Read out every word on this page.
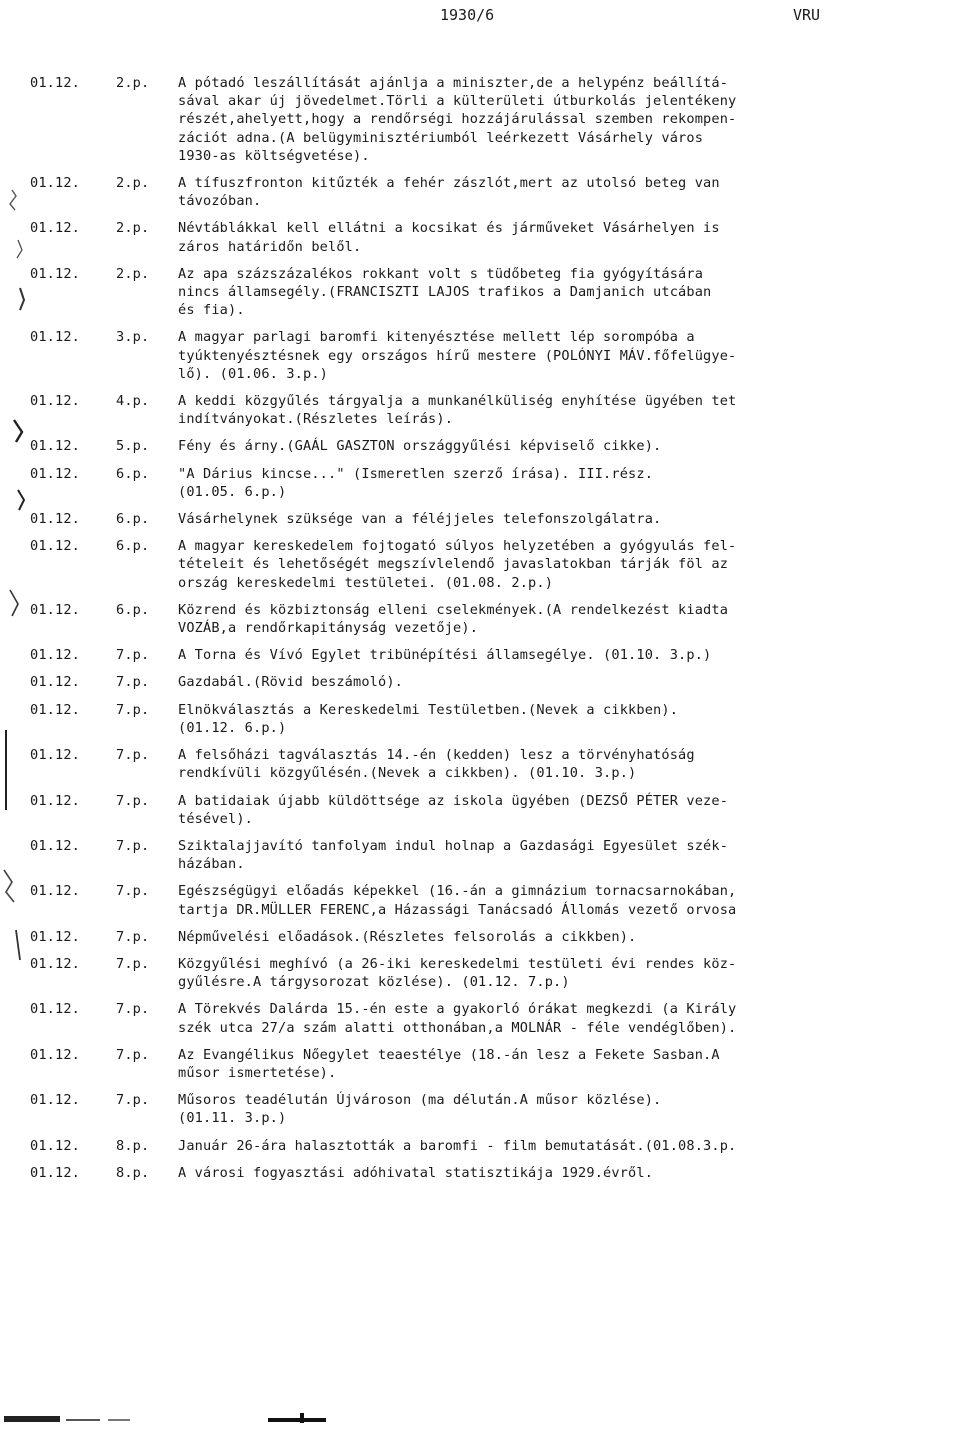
1930/6	VRU
01.12.	2.p.	A pótadó leszállítását ajánlja a miniszter,de a helypénz beállítá-
sával akar új jövedelmet.Törli a külterületi útburkolás jelentékeny
részét,ahelyett,hogy a rendőrségi hozzájárulással szemben rekompen-
zációt adna.(A belügyminisztériumból leérkezett Vásárhely város
1930-as költségvetése).
01.12.	2.p.	A tífuszfronton kitűzték a fehér zászlót,mert az utolsó beteg van
távozóban.
01.12.	2.p.	Névtáblákkal kell ellátni a kocsikat és járműveket Vásárhelyen is
záros határidőn belől.
01.12.	2.p.	Az apa százszázalékos rokkant volt s tüdőbeteg fia gyógyítására
nincs államsegély.(FRANCISZTI LAJOS trafikos a Damjanich utcában
és fia).
01.12.	3.p.	A magyar parlagi baromfi kitenyésztése mellett lép sorompóba a
tyúktenyésztésnek egy országos hírű mestere (POLÓNYI MÁV.főfelügye-
lő). (01.06. 3.p.)
01.12.	4.p.	A keddi közgyűlés tárgyalja a munkanélküliség enyhítése ügyében tet
indítványokat.(Részletes leírás).
01.12.	5.p.	Fény és árny.(GAÁL GASZTON országgyűlési képviselő cikke).
01.12.	6.p.	"A Dárius kincse..." (Ismeretlen szerző írása). III.rész.
(01.05. 6.p.)
01.12.	6.p.	Vásárhelynek szüksége van a féléjjeles telefonszolgálatra.
01.12.	6.p.	A magyar kereskedelem fojtogató súlyos helyzetében a gyógyulás fel-
tételeit és lehetőségét megszívlelendő javaslatokban tárják föl az
ország kereskedelmi testületei. (01.08. 2.p.)
01.12.	6.p.	Közrend és közbiztonság elleni cselekmények.(A rendelkezést kiadta
VOZÁB,a rendőrkapitányság vezetője).
01.12.	7.p.	A Torna és Vívó Egylet tribünépítési államsegélye. (01.10. 3.p.)
01.12.	7.p.	Gazdabál.(Rövid beszámoló).
01.12.	7.p.	Elnökválasztás a Kereskedelmi Testületben.(Nevek a cikkben).
(01.12. 6.p.)
01.12.	7.p.	A felsőházi tagválasztás 14.-én (kedden) lesz a törvényhatóság
rendkívüli közgyűlésén.(Nevek a cikkben). (01.10. 3.p.)
01.12.	7.p.	A batidaiak újabb küldöttsége az iskola ügyében (DEZSŐ PÉTER veze-
tésével).
01.12.	7.p.	Sziktalajjavító tanfolyam indul holnap a Gazdasági Egyesület szék-
házában.
01.12.	7.p.	Egészségügyi előadás képekkel (16.-án a gimnázium tornacsarnokában,
tartja DR.MÜLLER FERENC,a Házassági Tanácsadó Állomás vezető orvosa
01.12.	7.p.	Népművelési előadások.(Részletes felsorolás a cikkben).
01.12.	7.p.	Közgyűlési meghívó (a 26-iki kereskedelmi testületi évi rendes köz-
gyűlésre.A tárgysorozat közlése). (01.12. 7.p.)
01.12.	7.p.	A Törekvés Dalárda 15.-én este a gyakorló órákat megkezdi (a Király
szék utca 27/a szám alatti otthonában,a MOLNÁR - féle vendéglőben).
01.12.	7.p.	Az Evangélikus Nőegylet teaestélye (18.-án lesz a Fekete Sasban.A
műsor ismertetése).
01.12.	7.p.	Műsoros teadélután Újvároson (ma délután.A műsor közlése).
(01.11. 3.p.)
01.12.	8.p.	Január 26-ára halasztották a baromfi - film bemutatását.(01.08.3.p.
01.12.	8.p.	A városi fogyasztási adóhivatal statisztikája 1929.évről.
